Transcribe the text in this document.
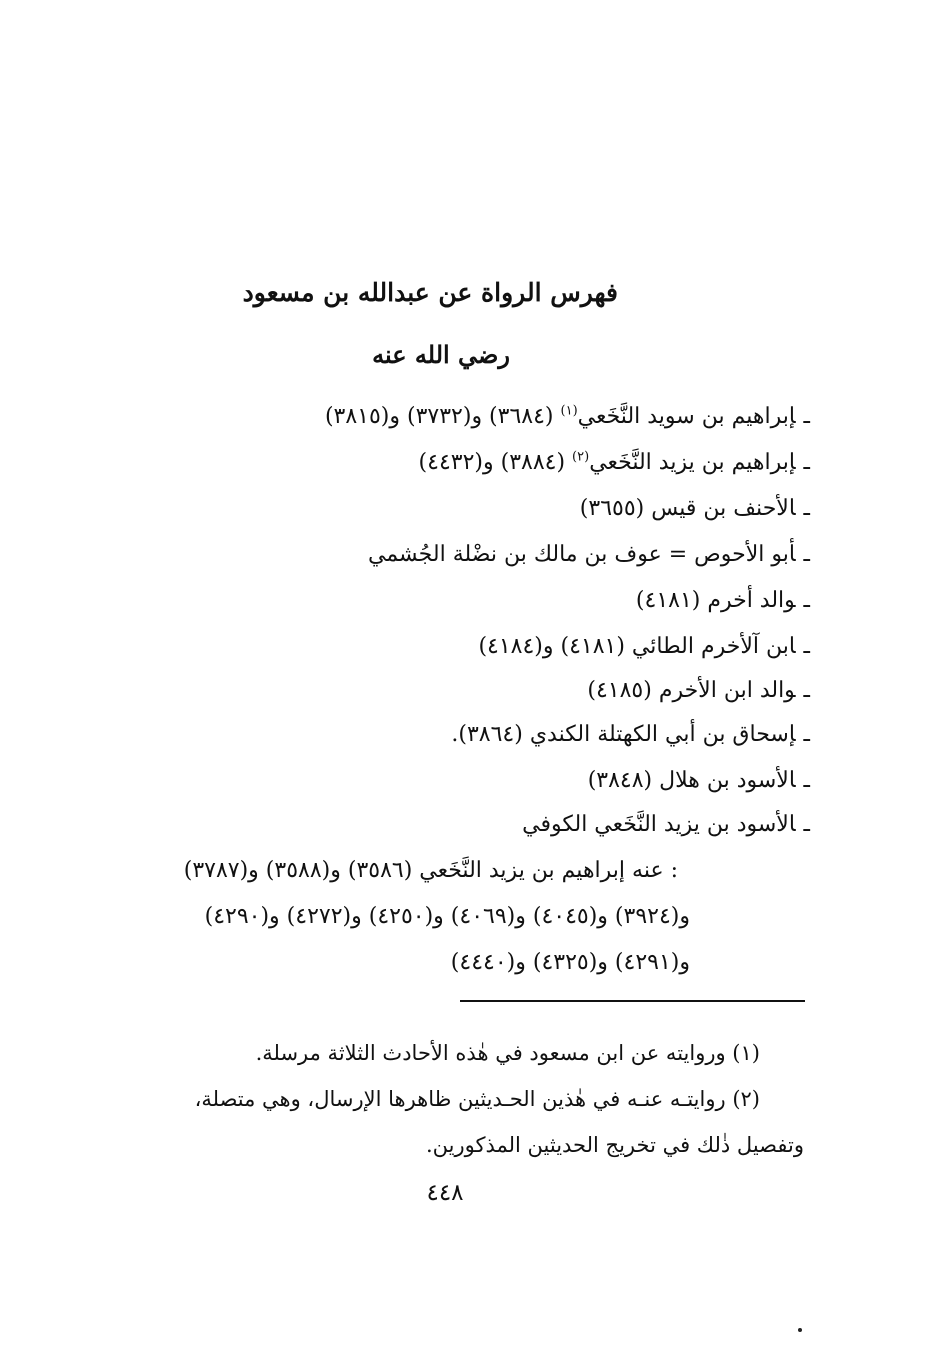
فهرس الرواة عن عبدالله بن مسعود
رضي الله عنه
ـإبراهيم بن سويد النَّخَعي$^{(١)}$ (٣٦٨٤) و(٣٧٣٢) و(٣٨١٥)
ـإبراهيم بن يزيد النَّخَعي$^{(٢)}$ (٣٨٨٤) و(٤٤٣٢)
ـالأحنف بن قيس (٣٦٥٥)
ـأبو الأحوص = عوف بن مالك بن نضْلة الجُشمي
ـوالد أخرم (٤١٨١)
ـابن آلأخرم الطائي (٤١٨١) و(٤١٨٤)
ـوالد ابن الأخرم (٤١٨٥)
ـإسحاق بن أبي الكهتلة الكندي (٣٨٦٤).
ـالأسود بن هلال (٣٨٤٨)
ـالأسود بن يزيد النَّخَعي الكوفي
: عنه إبراهيم بن يزيد النَّخَعي (٣٥٨٦) و(٣٥٨٨) و(٣٧٨٧)
و(٣٩٢٤) و(٤٠٤٥) و(٤٠٦٩) و(٤٢٥٠) و(٤٢٧٢) و(٤٢٩٠)
و(٤٢٩١) و(٤٣٢٥) و(٤٤٤٠)
(١) وروايته عن ابن مسعود في هٰذه الأحادث الثلاثة مرسلة.
(٢) روايتـه عنـه في هٰذين الحـديثين ظاهرها الإرسال، وهي متصلة،
وتفصيل ذٰلك في تخريج الحديثين المذكورين.
٤٤٨
